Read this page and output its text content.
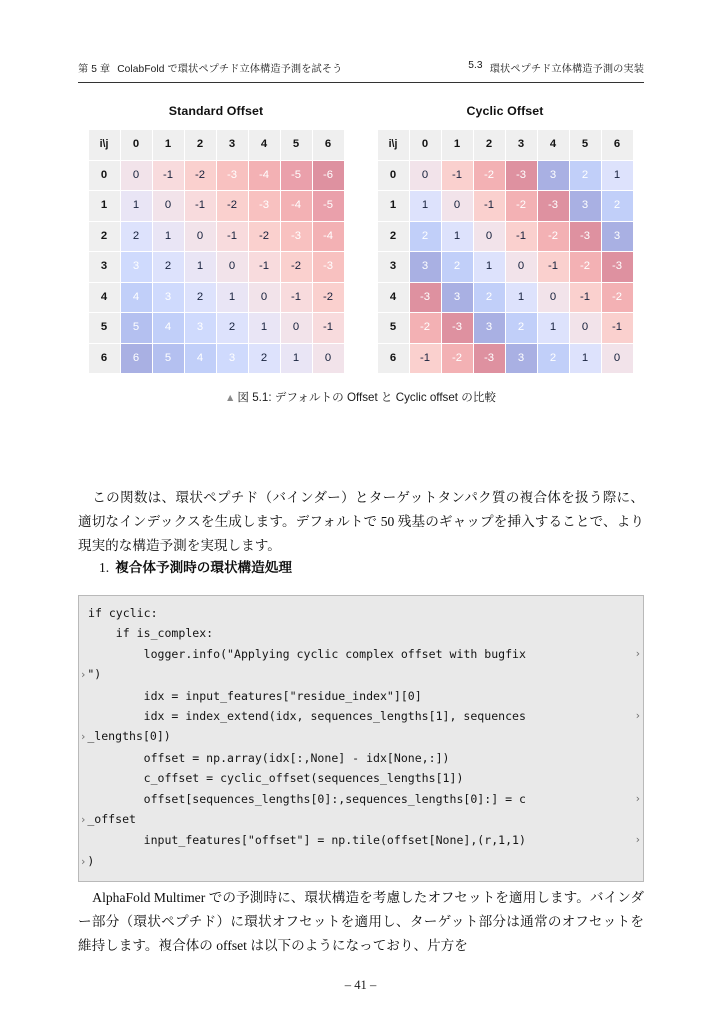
第 5 章 ColabFold で環状ペプチド立体構造予測を試そう	5.3 環状ペプチド立体構造予測の実装
Standard Offset
i\j	0	1	2	3	4	5	6
0	0	-1	-2	-3	-4	-5	-6
1	1	0	-1	-2	-3	-4	-5
2	2	1	0	-1	-2	-3	-4
3	3	2	1	0	-1	-2	-3
4	4	3	2	1	0	-1	-2
5	5	4	3	2	1	0	-1
6	6	5	4	3	2	1	0
Cyclic Offset
i\j	0	1	2	3	4	5	6
0	0	-1	-2	-3	3	2	1
1	1	0	-1	-2	-3	3	2
2	2	1	0	-1	-2	-3	3
3	3	2	1	0	-1	-2	-3
4	-3	3	2	1	0	-1	-2
5	-2	-3	3	2	1	0	-1
6	-1	-2	-3	3	2	1	0
▲ 図 5.1: デフォルトの Offset と Cyclic offset の比較
この関数は、環状ペプチド（バインダー）とターゲットタンパク質の複合体を扱う際に、適切なインデックスを生成します。デフォルトで 50 残基のギャップを挿入することで、より現実的な構造予測を実現します。
1. 複合体予測時の環状構造処理
if cyclic:
if is_complex:
logger.info("Applying cyclic complex offset with bugfix	›
›")
idx = input_features["residue_index"][0]
idx = index_extend(idx, sequences_lengths[1], sequences	›
›_lengths[0])
offset = np.array(idx[:,None] - idx[None,:])
c_offset = cyclic_offset(sequences_lengths[1])
offset[sequences_lengths[0]:,sequences_lengths[0]:] = c	›
›_offset
input_features["offset"] = np.tile(offset[None],(r,1,1)	›
›)
AlphaFold Multimer での予測時に、環状構造を考慮したオフセットを適用します。バインダー部分（環状ペプチド）に環状オフセットを適用し、ターゲット部分は通常のオフセットを維持します。複合体の offset は以下のようになっており、片方を
– 41 –
